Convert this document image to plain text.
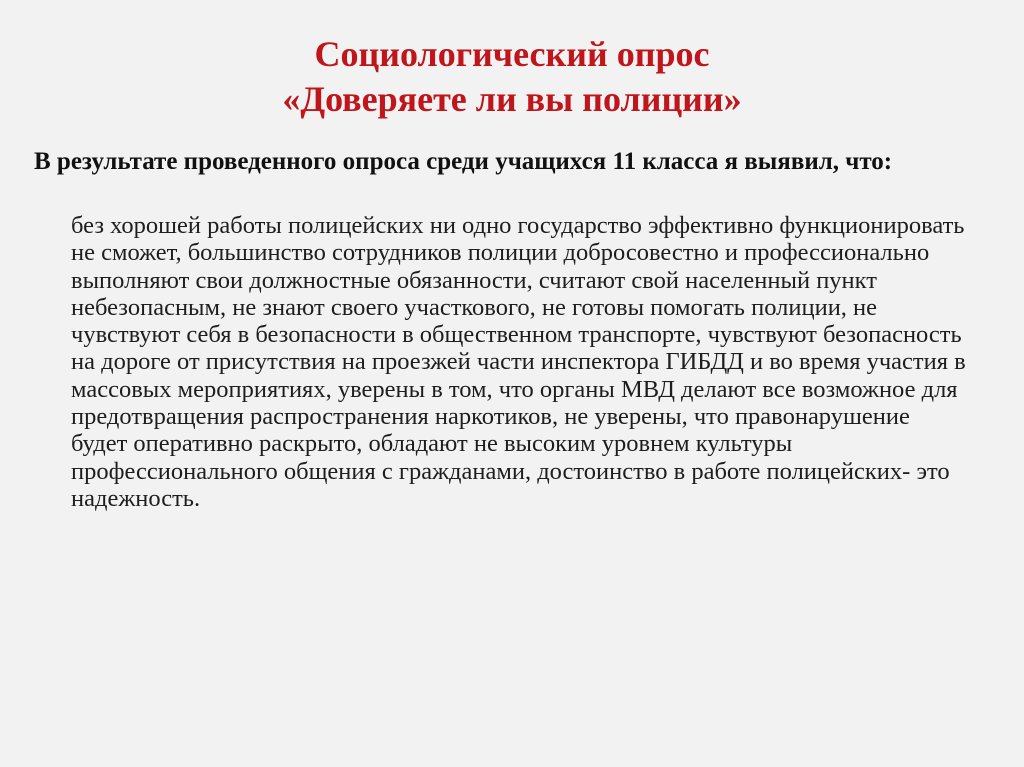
Социологический опрос
«Доверяете ли вы полиции»

В результате проведенного опроса среди учащихся 11 класса я выявил, что:

без хорошей работы полицейских ни одно государство эффективно функционировать не сможет, большинство сотрудников полиции добросовестно и профессионально выполняют свои должностные обязанности, считают свой населенный пункт небезопасным, не знают своего участкового, не готовы помогать полиции, не чувствуют себя в безопасности в общественном транспорте, чувствуют безопасность на дороге от присутствия на проезжей части инспектора ГИБДД и во время участия в массовых мероприятиях, уверены в том, что органы МВД делают все возможное для предотвращения распространения наркотиков, не уверены, что правонарушение будет оперативно раскрыто, обладают не высоким уровнем культуры профессионального общения с гражданами, достоинство в работе полицейских- это надежность.
